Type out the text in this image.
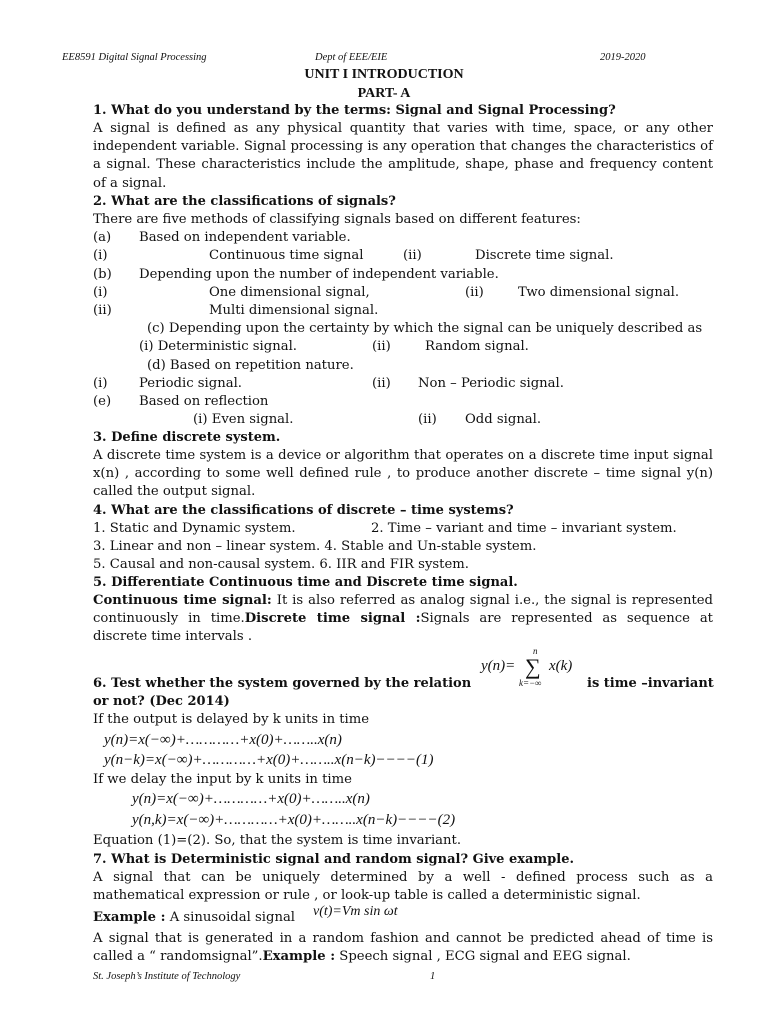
EE8591 Digital Signal Processing	Dept of EEE/EIE	2019-2020
UNIT I INTRODUCTION
PART- A
1. What do you understand by the terms: Signal and Signal Processing?
A signal is defined as any physical quantity that varies with time, space, or any other independent variable. Signal processing is any operation that changes the characteristics of a signal. These characteristics include the amplitude, shape, phase and frequency content of a signal.
2. What are the classifications of signals?
There are five methods of classifying signals based on different features:
(a) Based on independent variable.
(i)	Continuous time signal	(ii)	Discrete time signal.
(b) Depending upon the number of independent variable.
(i)	One dimensional signal,	(ii)	Two dimensional signal.
(ii)	Multi dimensional signal.
(c) Depending upon the certainty by which the signal can be uniquely described as
(i) Deterministic signal.	(ii)	Random signal.
(d) Based on repetition nature.
(i) Periodic signal.	(ii) Non – Periodic signal.
(e) Based on reflection
(i) Even signal.	(ii) Odd signal.
3. Define discrete system.
A discrete time system is a device or algorithm that operates on a discrete time input signal x(n) , according to some well defined rule , to produce another discrete – time signal y(n) called the output signal.
4. What are the classifications of discrete – time systems?
1. Static and Dynamic system.	2. Time – variant and time – invariant system.
3. Linear and non – linear system. 4. Stable and Un-stable system.
5. Causal and non-causal system. 6. IIR and FIR system.
5. Differentiate Continuous time and Discrete time signal.
Continuous time signal: It is also referred as analog signal i.e., the signal is represented continuously in time.Discrete time signal :Signals are represented as sequence at discrete time intervals .
y(n)=
n
∑
k=−∞
x(k)
6. Test whether the system governed by the relation	is time –invariant
or not? (Dec 2014)
If the output is delayed by k units in time
y(n)=x(−∞)+…………+x(0)+……..x(n)
y(n−k)=x(−∞)+…………+x(0)+……..x(n−k)−−−−(1)
If we delay the input by k units in time
y(n)=x(−∞)+…………+x(0)+……..x(n)
y(n,k)=x(−∞)+…………+x(0)+……..x(n−k)−−−−(2)
Equation (1)=(2). So, that the system is time invariant.
7. What is Deterministic signal and random signal? Give example.
A signal that can be uniquely determined by a well - defined process such as a mathematical expression or rule , or look-up table is called a deterministic signal.
Example : A sinusoidal signal v(t)=Vm sin ωt
A signal that is generated in a random fashion and cannot be predicted ahead of time is called a “ randomsignal”.Example : Speech signal , ECG signal and EEG signal.
St. Joseph’s Institute of Technology	1
